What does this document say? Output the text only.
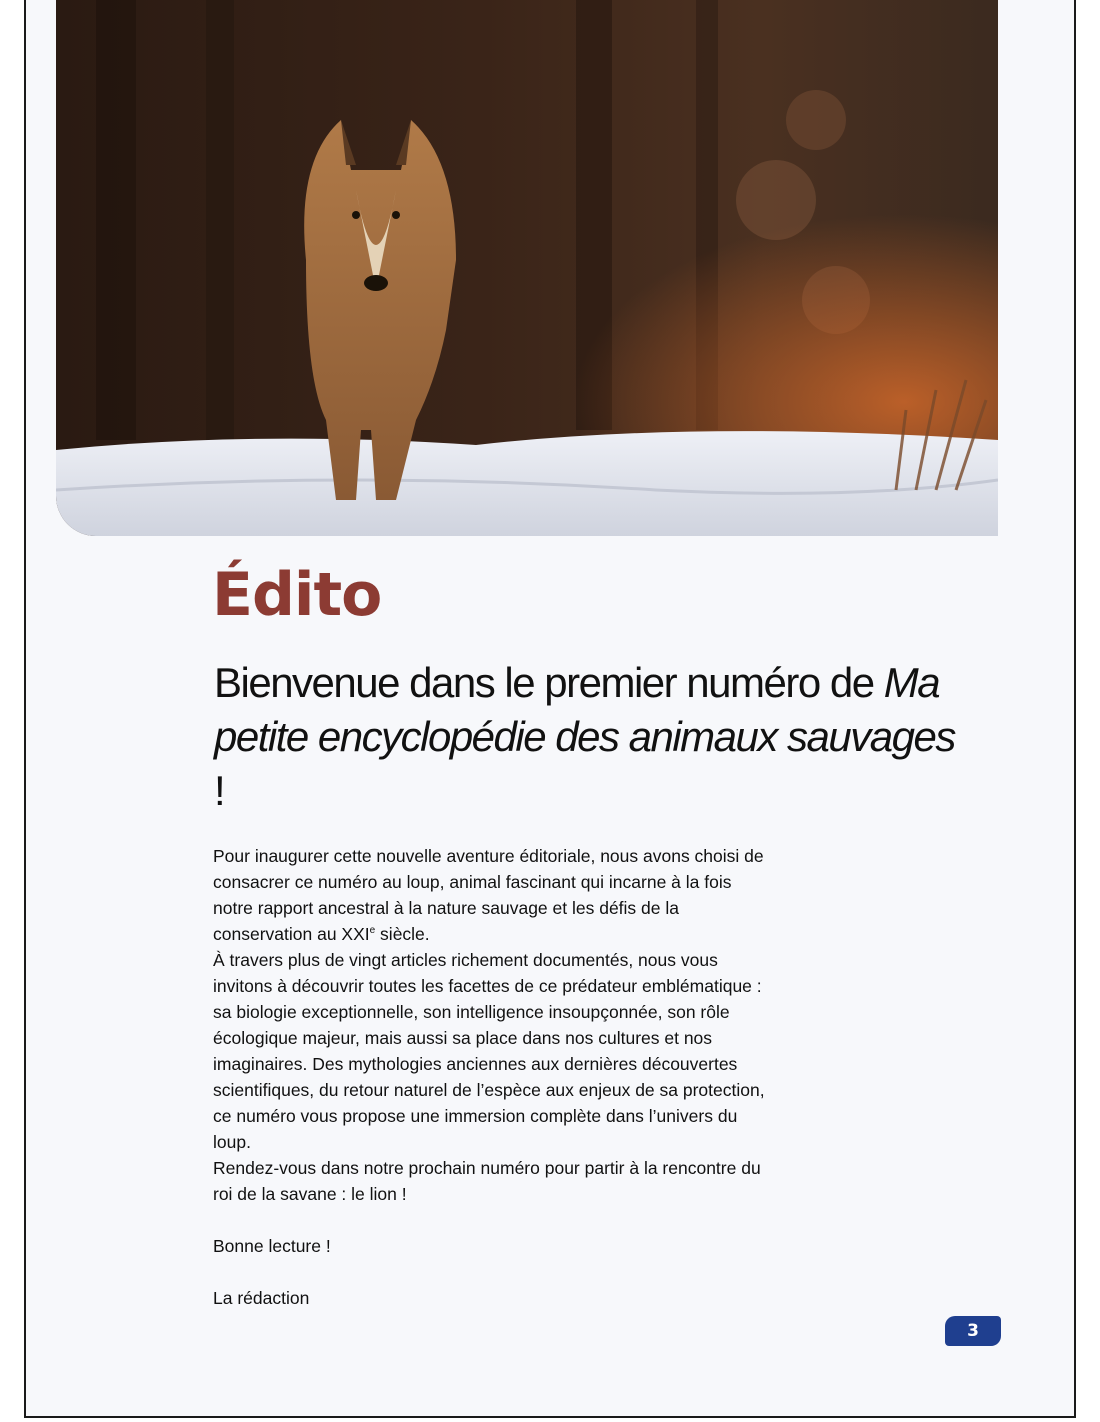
Édito
Bienvenue dans le premier numéro de Ma petite encyclopédie des animaux sauvages !

Pour inaugurer cette nouvelle aventure éditoriale, nous avons choisi de consacrer ce numéro au loup, animal fascinant qui incarne à la fois notre rapport ancestral à la nature sauvage et les défis de la conservation au XXIe siècle.

À travers plus de vingt articles richement documentés, nous vous invitons à découvrir toutes les facettes de ce prédateur emblématique : sa biologie exceptionnelle, son intelligence insoupçonnée, son rôle écologique majeur, mais aussi sa place dans nos cultures et nos imaginaires. Des mythologies anciennes aux dernières découvertes scientifiques, du retour naturel de l’espèce aux enjeux de sa protection, ce numéro vous propose une immersion complète dans l’univers du loup.

Rendez-vous dans notre prochain numéro pour partir à la rencontre du roi de la savane : le lion !

Bonne lecture !

La rédaction

3
